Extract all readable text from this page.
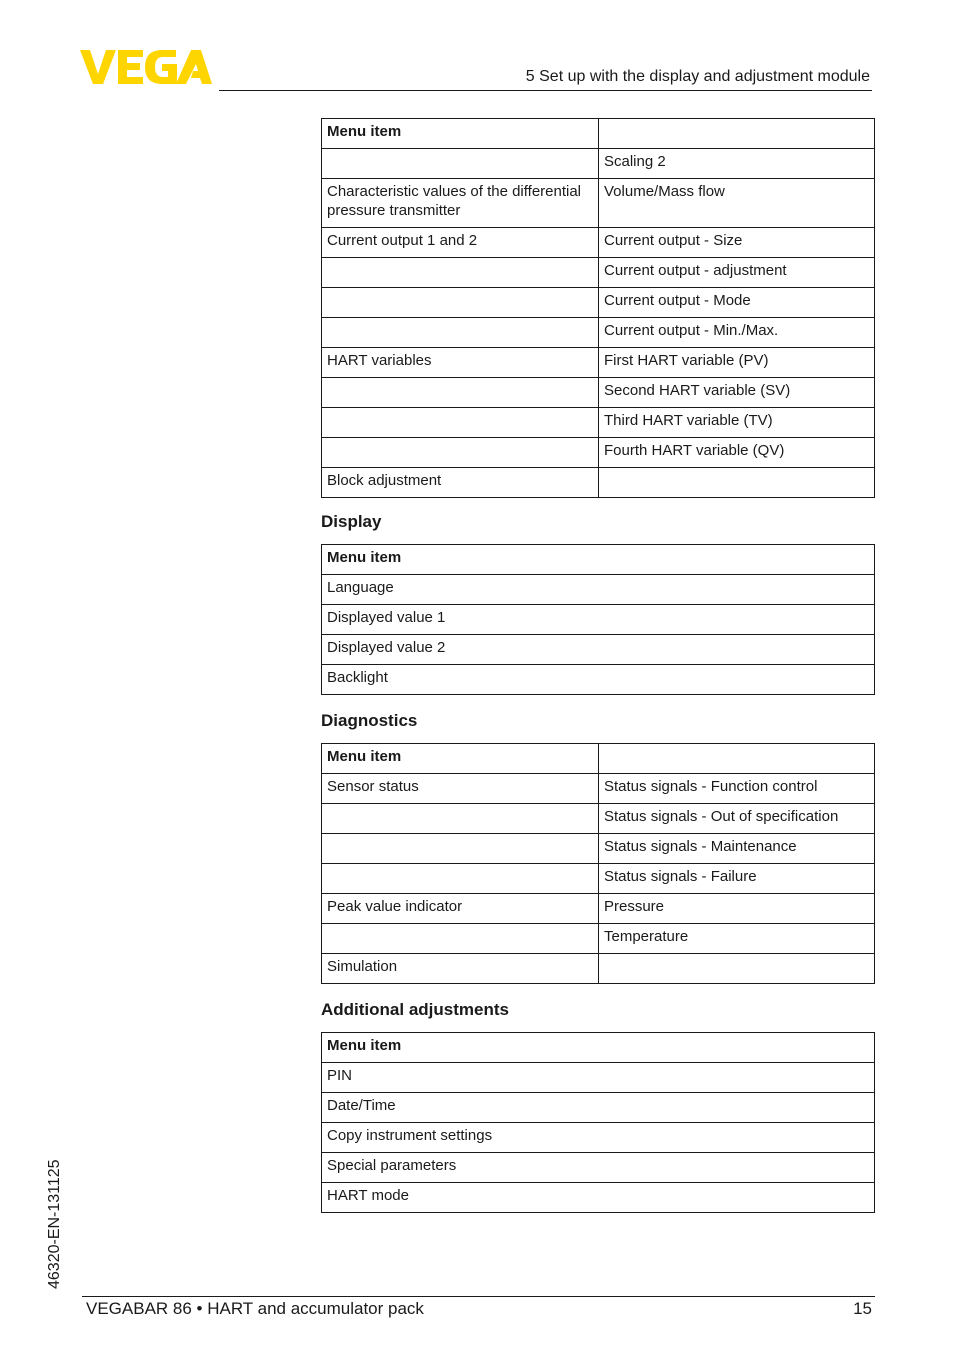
5 Set up with the display and adjustment module
Menu item	
	Scaling 2
Characteristic values of the differential pressure transmitter	Volume/Mass flow
Current output 1 and 2	Current output - Size
	Current output - adjustment
	Current output - Mode
	Current output - Min./Max.
HART variables	First HART variable (PV)
	Second HART variable (SV)
	Third HART variable (TV)
	Fourth HART variable (QV)
Block adjustment	
Display
Menu item
Language
Displayed value 1
Displayed value 2
Backlight
Diagnostics
Menu item	
Sensor status	Status signals - Function control
	Status signals - Out of specification
	Status signals - Maintenance
	Status signals - Failure
Peak value indicator	Pressure
	Temperature
Simulation	
Additional adjustments
Menu item
PIN
Date/Time
Copy instrument settings
Special parameters
HART mode
46320-EN-131125
VEGABAR 86 • HART and accumulator pack	15
